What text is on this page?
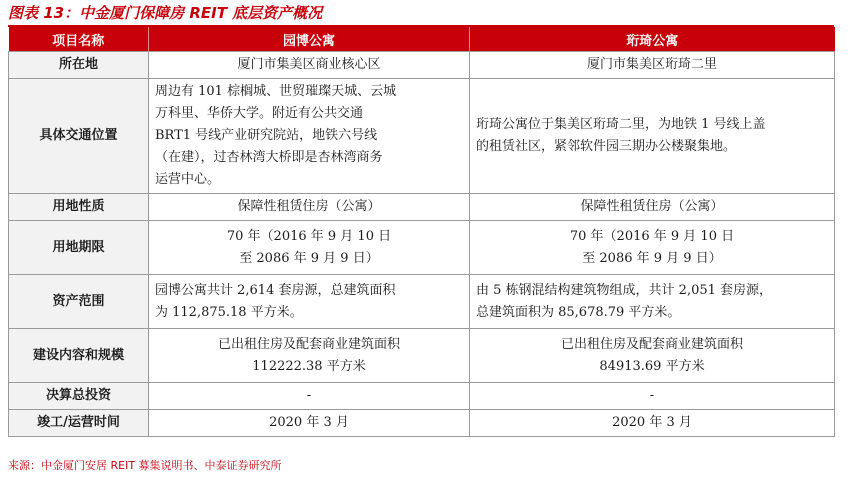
图表 13：中金厦门保障房 REIT 底层资产概况
项目名称	园博公寓	珩琦公寓
所在地	厦门市集美区商业核心区	厦门市集美区珩琦二里

具体交通位置	周边有 101 棕榈城、世贸璀璨天城、云城
万科里、华侨大学。附近有公共交通
BRT1 号线产业研究院站，地铁六号线
（在建），过杏林湾大桥即是杏林湾商务
运营中心。	珩琦公寓位于集美区珩琦二里，为地铁 1 号线上盖
的租赁社区，紧邻软件园三期办公楼聚集地。

用地性质	保障性租赁住房（公寓）	保障性租赁住房（公寓）

用地期限	70 年（2016 年 9 月 10 日
至 2086 年 9 月 9 日）	70 年（2016 年 9 月 10 日
至 2086 年 9 月 9 日）

资产范围	园博公寓共计 2,614 套房源，总建筑面积
为 112,875.18 平方米。	由 5 栋钢混结构建筑物组成，共计 2,051 套房源，
总建筑面积为 85,678.79 平方米。

建设内容和规模	已出租住房及配套商业建筑面积
112222.38 平方米	已出租住房及配套商业建筑面积
84913.69 平方米

决算总投资	-	-

竣工/运营时间	2020 年 3 月	2020 年 3 月
来源：中金厦门安居 REIT 募集说明书、中泰证券研究所
